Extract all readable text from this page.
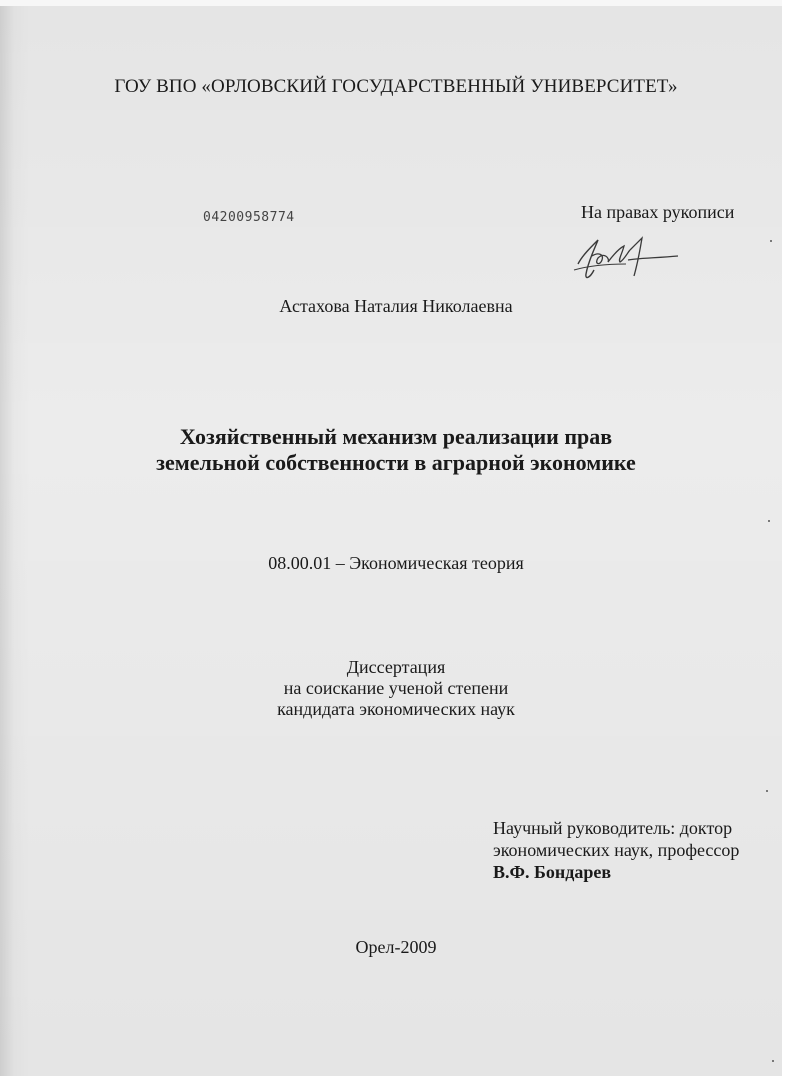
ГОУ ВПО «ОРЛОВСКИЙ ГОСУДАРСТВЕННЫЙ УНИВЕРСИТЕТ»
04200958774	На правах рукописи
Астахова Наталия Николаевна
Хозяйственный механизм реализации прав
земельной собственности в аграрной экономике
08.00.01 – Экономическая теория
Диссертация
на соискание ученой степени
кандидата экономических наук
Научный руководитель: доктор
экономических наук, профессор
В.Ф. Бондарев
Орел-2009
